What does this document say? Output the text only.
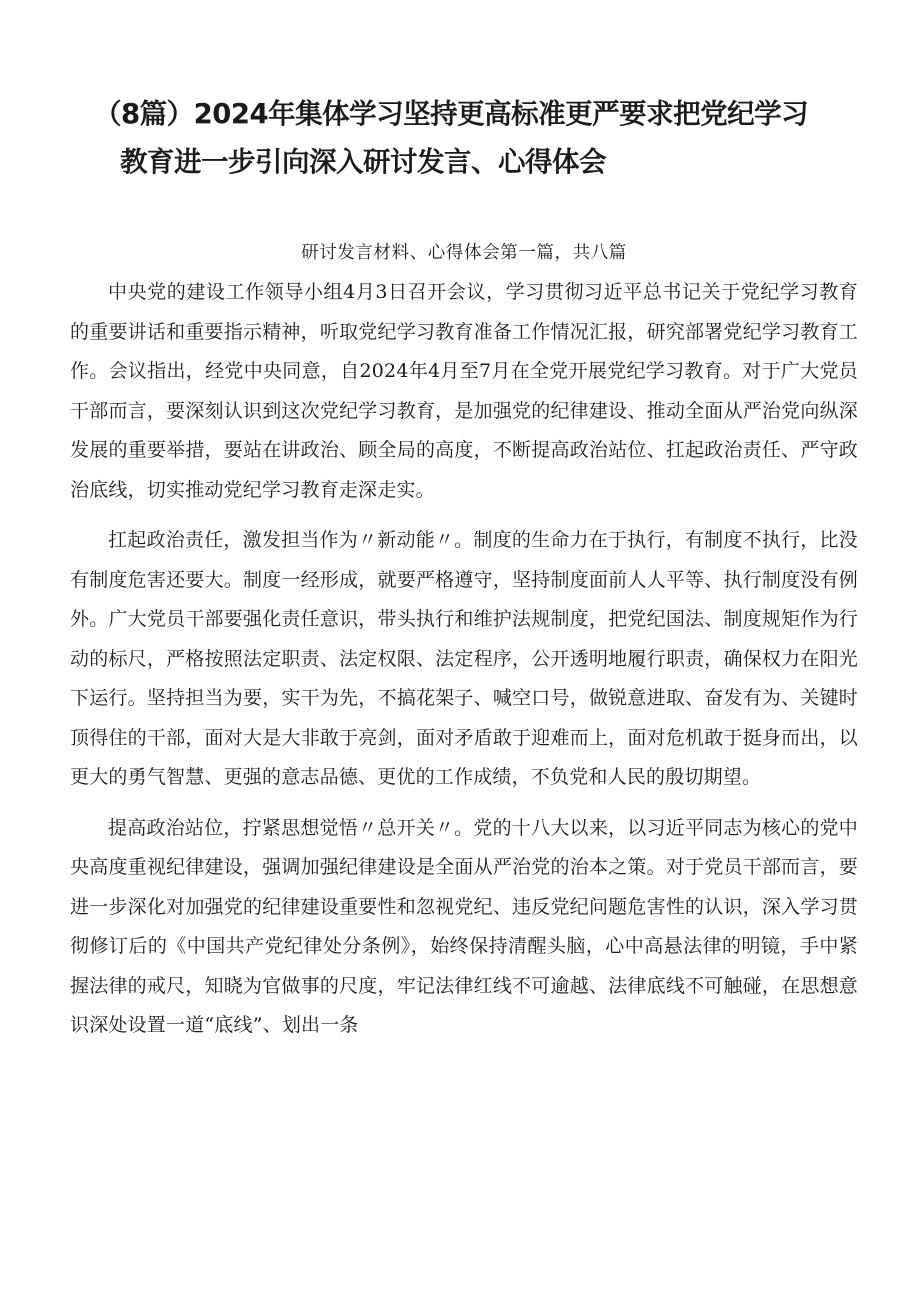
（8篇）2024年集体学习坚持更高标准更严要求把党纪学习
教育进一步引向深入研讨发言、心得体会
研讨发言材料、心得体会第一篇，共八篇

中央党的建设工作领导小组4月3日召开会议，学习贯彻习近平总书记关于党纪学习教育的重要讲话和重要指示精神，听取党纪学习教育准备工作情况汇报，研究部署党纪学习教育工作。会议指出，经党中央同意，自2024年4月至7月在全党开展党纪学习教育。对于广大党员干部而言，要深刻认识到这次党纪学习教育，是加强党的纪律建设、推动全面从严治党向纵深发展的重要举措，要站在讲政治、顾全局的高度，不断提高政治站位、扛起政治责任、严守政治底线，切实推动党纪学习教育走深走实。

扛起政治责任，激发担当作为〃新动能〃。制度的生命力在于执行，有制度不执行，比没有制度危害还要大。制度一经形成，就要严格遵守，坚持制度面前人人平等、执行制度没有例外。广大党员干部要强化责任意识，带头执行和维护法规制度，把党纪国法、制度规矩作为行动的标尺，严格按照法定职责、法定权限、法定程序，公开透明地履行职责，确保权力在阳光下运行。坚持担当为要，实干为先，不搞花架子、喊空口号，做锐意进取、奋发有为、关键时顶得住的干部，面对大是大非敢于亮剑，面对矛盾敢于迎难而上，面对危机敢于挺身而出，以更大的勇气智慧、更强的意志品德、更优的工作成绩，不负党和人民的殷切期望。

提高政治站位，拧紧思想觉悟〃总开关〃。党的十八大以来，以习近平同志为核心的党中央高度重视纪律建设，强调加强纪律建设是全面从严治党的治本之策。对于党员干部而言，要进一步深化对加强党的纪律建设重要性和忽视党纪、违反党纪问题危害性的认识，深入学习贯彻修订后的《中国共产党纪律处分条例》，始终保持清醒头脑，心中高悬法律的明镜，手中紧握法律的戒尺，知晓为官做事的尺度，牢记法律红线不可逾越、法律底线不可触碰，在思想意识深处设置一道“底线”、划出一条
